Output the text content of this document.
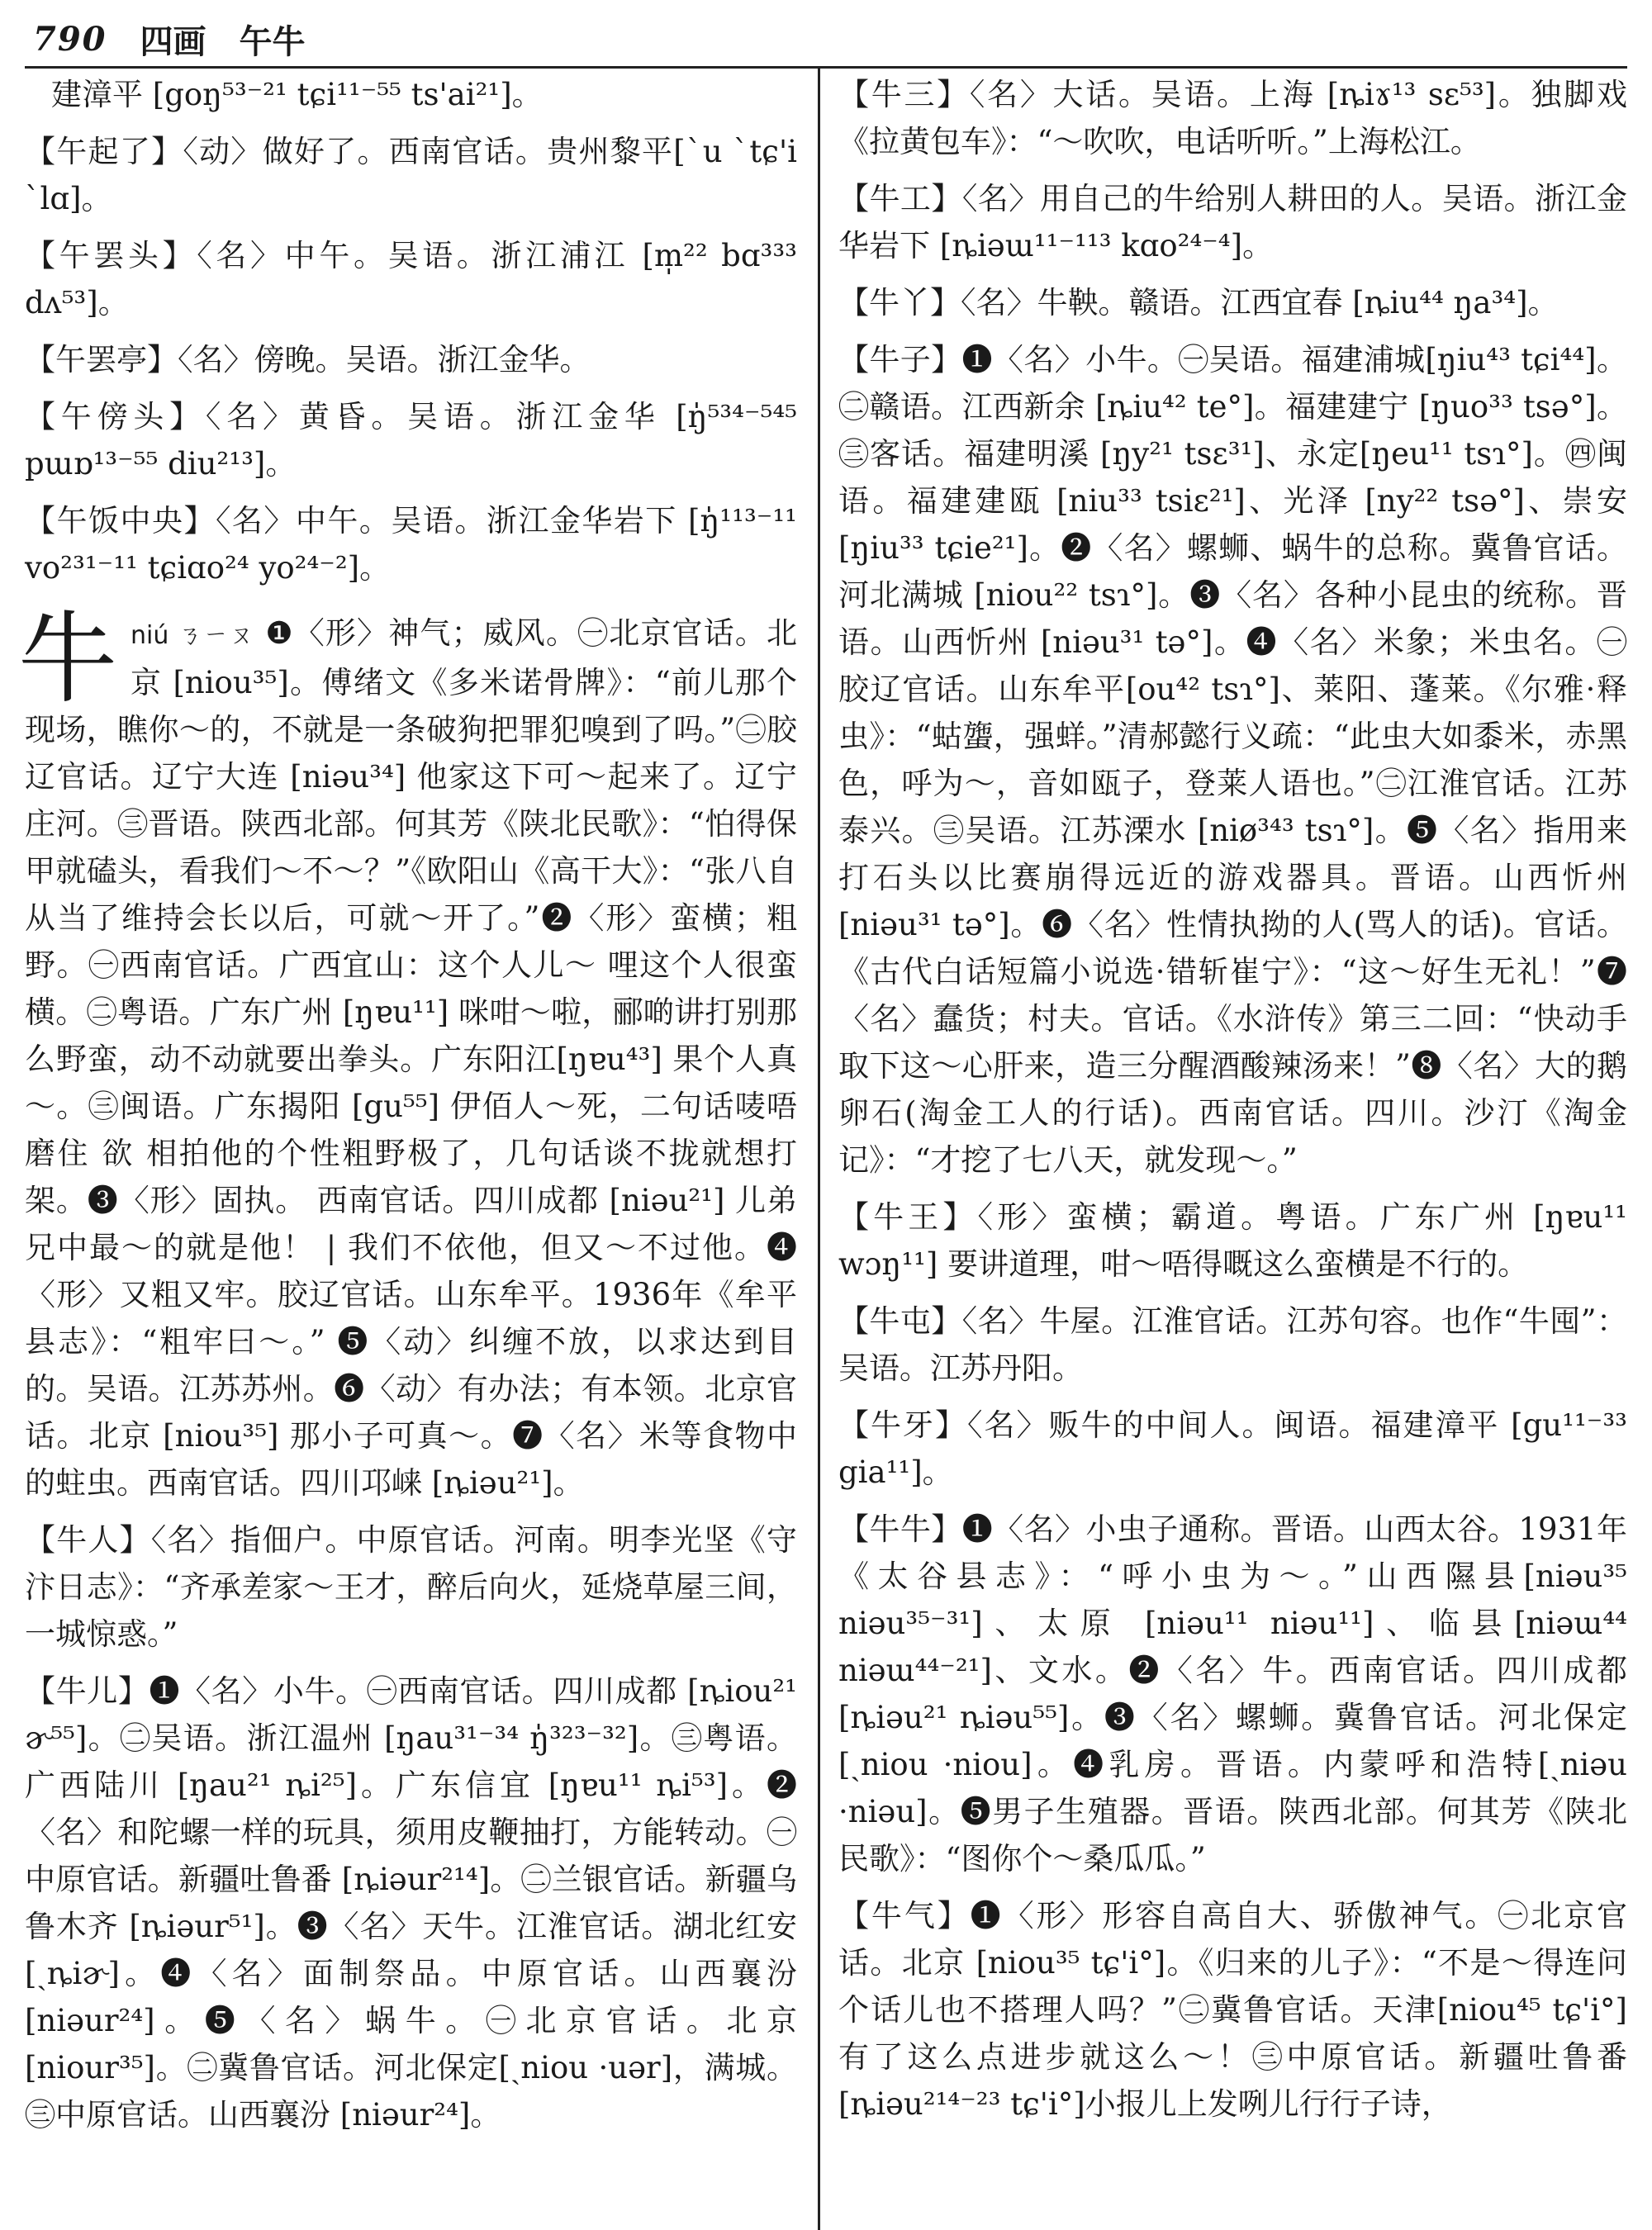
790 四画 午牛
建漳平 [goŋ⁵³⁻²¹ tɕi¹¹⁻⁵⁵ ts'ai²¹]。
【午起了】〈动〉做好了。西南官话。贵州黎平[ˋu ˋtɕ'i ˋlɑ]。
【午罢头】〈名〉中午。吴语。浙江浦江 [m̩²² bɑ³³³ dʌ⁵³]。
【午罢亭】〈名〉傍晚。吴语。浙江金华。
【午傍头】〈名〉黄昏。吴语。浙江金华 [ŋ̍⁵³⁴⁻⁵⁴⁵ pɯɒ¹³⁻⁵⁵ diu²¹³]。
【午饭中央】〈名〉中午。吴语。浙江金华岩下 [ŋ̍¹¹³⁻¹¹ vo²³¹⁻¹¹ tɕiɑo²⁴ yo²⁴⁻²]。
牛 niú ㄋㄧㄡ ❶〈形〉神气；威风。㊀北京官话。北京 [niou³⁵]。傅绪文《多米诺骨牌》：“前儿那个现场，瞧你～的，不就是一条破狗把罪犯嗅到了吗。”㊁胶辽官话。辽宁大连 [niəu³⁴] 他家这下可～起来了。辽宁庄河。㊂晋语。陕西北部。何其芳《陕北民歌》：“怕得保甲就磕头，看我们～不～？”《欧阳山《高干大》：“张八自从当了维持会长以后，可就～开了。”❷〈形〉蛮横；粗野。㊀西南官话。广西宜山：这个人儿～ 哩这个人很蛮横。㊁粤语。广东广州 [ŋɐu¹¹] 咪咁～啦，郦啲讲打别那么野蛮，动不动就要出拳头。广东阳江[ŋɐu⁴³] 果个人真～。㊂闽语。广东揭阳 [gu⁵⁵] 伊佰人～死，二句话唛唔磨住 欲 相拍他的个性粗野极了，几句话谈不拢就想打架。❸〈形〉固执。 西南官话。四川成都 [niəu²¹] 儿弟兄中最～的就是他！ | 我们不依他，但又～不过他。❹〈形〉又粗又牢。胶辽官话。山东牟平。1936年《牟平县志》：“粗牢曰～。” ❺〈动〉纠缠不放，以求达到目的。吴语。江苏苏州。❻〈动〉有办法；有本领。北京官话。北京 [niou³⁵] 那小子可真～。❼〈名〉米等食物中的蛀虫。西南官话。四川邛崃 [ȵiəu²¹]。
【牛人】〈名〉指佃户。中原官话。河南。明李光坚《守汴日志》：“齐承差家～王才，醉后向火，延烧草屋三间，一城惊惑。”
【牛儿】❶〈名〉小牛。㊀西南官话。四川成都 [ȵiou²¹ ɚ⁵⁵]。㊁吴语。浙江温州 [ŋau³¹⁻³⁴ ŋ̍³²³⁻³²]。㊂粤语。广西陆川 [ŋau²¹ ȵi²⁵]。广东信宜 [ŋɐu¹¹ ȵi⁵³]。❷〈名〉和陀螺一样的玩具，须用皮鞭抽打，方能转动。㊀中原官话。新疆吐鲁番 [ȵiəur²¹⁴]。㊁兰银官话。新疆乌鲁木齐 [ȵiəur⁵¹]。❸〈名〉天牛。江淮官话。湖北红安 [ˏȵiɚ]。❹〈名〉面制祭品。中原官话。山西襄汾 [niəur²⁴]。❺〈名〉蜗牛。㊀北京官话。北京[niour³⁵]。㊁冀鲁官话。河北保定[ˏniou ·uər]，满城。㊂中原官话。山西襄汾 [niəur²⁴]。
【牛三】〈名〉大话。吴语。上海 [ȵiɤ¹³ sɛ⁵³]。独脚戏《拉黄包车》：“～吹吹，电话听听。”上海松江。
【牛工】〈名〉用自己的牛给别人耕田的人。吴语。浙江金华岩下 [ȵiəɯ¹¹⁻¹¹³ kɑo²⁴⁻⁴]。
【牛丫】〈名〉牛鞅。赣语。江西宜春 [ȵiu⁴⁴ ŋa³⁴]。
【牛子】❶〈名〉小牛。㊀吴语。福建浦城[ŋiu⁴³ tɕi⁴⁴]。㊁赣语。江西新余 [ȵiu⁴² te°]。福建建宁 [ŋuo³³ tsə°]。㊂客话。福建明溪 [ŋy²¹ tsɛ³¹]、永定[ŋeu¹¹ tsɿ°]。㊃闽语。福建建瓯 [niu³³ tsiɛ²¹]、光泽 [ny²² tsə°]、崇安[ŋiu³³ tɕie²¹]。❷〈名〉螺蛳、蜗牛的总称。冀鲁官话。河北满城 [niou²² tsɿ°]。❸〈名〉各种小昆虫的统称。晋语。山西忻州 [niəu³¹ tə°]。❹〈名〉米象；米虫名。㊀胶辽官话。山东牟平[ou⁴² tsɿ°]、莱阳、蓬莱。《尔雅·释虫》：“蛄䗐，强蛘。”清郝懿行义疏：“此虫大如黍米，赤黑色，呼为～，音如瓯子，登莱人语也。”㊁江淮官话。江苏泰兴。㊂吴语。江苏溧水 [niø³⁴³ tsɿ°]。❺〈名〉指用来打石头以比赛崩得远近的游戏器具。晋语。山西忻州 [niəu³¹ tə°]。❻〈名〉性情执拗的人(骂人的话)。官话。《古代白话短篇小说选·错斩崔宁》：“这～好生无礼！”❼〈名〉蠢货；村夫。官话。《水浒传》第三二回：“快动手取下这～心肝来，造三分醒酒酸辣汤来！”❽〈名〉大的鹅卵石(淘金工人的行话)。西南官话。四川。沙汀《淘金记》：“才挖了七八天，就发现～。”
【牛王】〈形〉蛮横；霸道。粤语。广东广州 [ŋɐu¹¹ wɔŋ¹¹] 要讲道理，咁～唔得嘅这么蛮横是不行的。
【牛屯】〈名〉牛屋。江淮官话。江苏句容。也作“牛囤”：吴语。江苏丹阳。
【牛牙】〈名〉贩牛的中间人。闽语。福建漳平 [gu¹¹⁻³³ gia¹¹]。
【牛牛】❶〈名〉小虫子通称。晋语。山西太谷。1931年《太谷县志》：“呼小虫为～。”山西隰县[niəu³⁵ niəu³⁵⁻³¹]、太原 [niəu¹¹ niəu¹¹]、临县[niəɯ⁴⁴ niəɯ⁴⁴⁻²¹]、文水。❷〈名〉牛。西南官话。四川成都 [ȵiəu²¹ ȵiəu⁵⁵]。❸〈名〉螺蛳。冀鲁官话。河北保定 [ˏniou ·niou]。❹乳房。晋语。内蒙呼和浩特[ˏniəu ·niəu]。❺男子生殖器。晋语。陕西北部。何其芳《陕北民歌》：“图你个～桑瓜瓜。”
【牛气】❶〈形〉形容自高自大、骄傲神气。㊀北京官话。北京 [niou³⁵ tɕ'i°]。《归来的儿子》：“不是～得连问个话儿也不搭理人吗？”㊁冀鲁官话。天津[niou⁴⁵ tɕ'i°] 有了这么点进步就这么～！㊂中原官话。新疆吐鲁番 [ȵiəu²¹⁴⁻²³ tɕ'i°]小报儿上发咧儿行行子诗，
